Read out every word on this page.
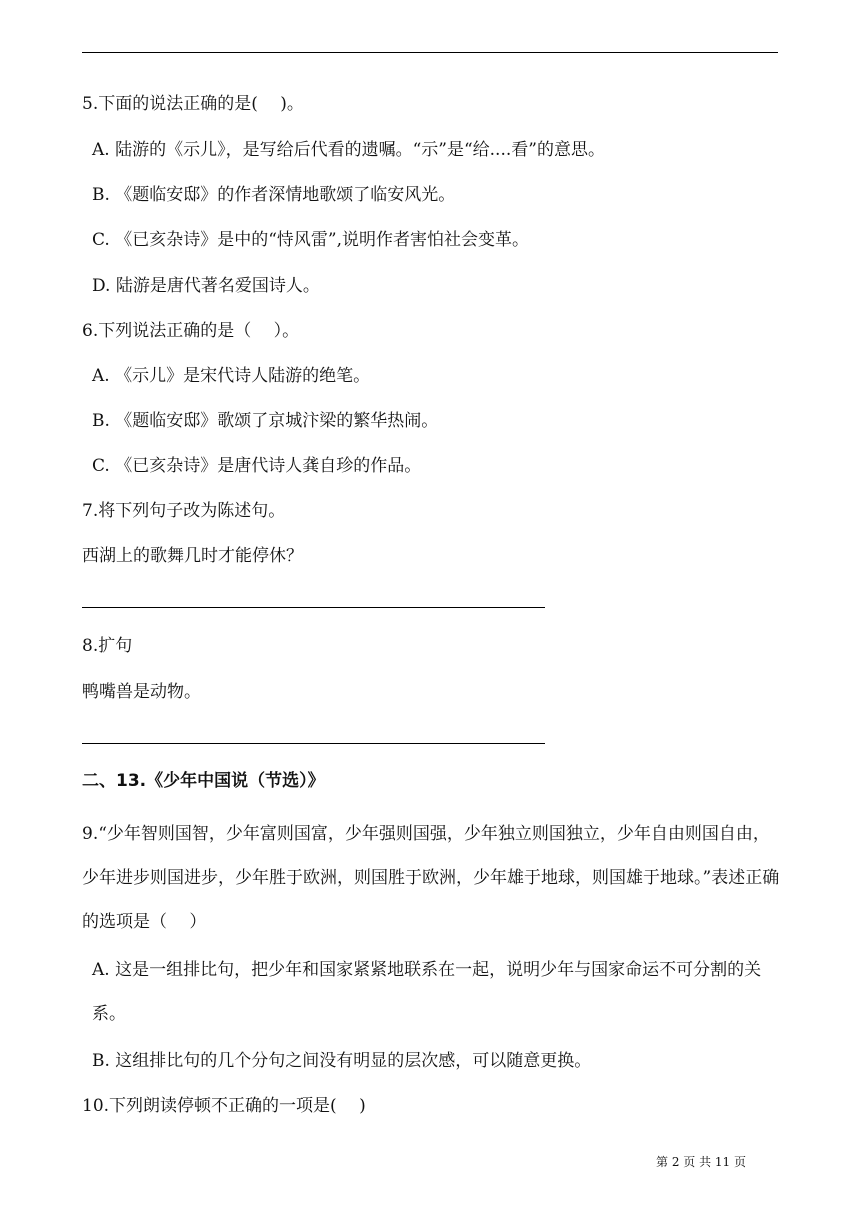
5.下面的说法正确的是(　 )。
A. 陆游的《示儿》，是写给后代看的遗嘱。“示”是“给....看”的意思。
B. 《题临安邸》的作者深情地歌颂了临安风光。
C. 《已亥杂诗》是中的“恃风雷”,说明作者害怕社会变革。
D. 陆游是唐代著名爱国诗人。
6.下列说法正确的是（　 ）。
A. 《示儿》是宋代诗人陆游的绝笔。
B. 《题临安邸》歌颂了京城汴梁的繁华热闹。
C. 《已亥杂诗》是唐代诗人龚自珍的作品。
7.将下列句子改为陈述句。
西湖上的歌舞几时才能停休？
8.扩句
鸭嘴兽是动物。
二、13.《少年中国说（节选）》
9.“少年智则国智，少年富则国富，少年强则国强，少年独立则国独立，少年自由则国自由，少年进步则国进步，少年胜于欧洲，则国胜于欧洲，少年雄于地球，则国雄于地球。”表述正确的选项是（　 ）
A. 这是一组排比句，把少年和国家紧紧地联系在一起，说明少年与国家命运不可分割的关系。
B. 这组排比句的几个分句之间没有明显的层次感，可以随意更换。
10.下列朗读停顿不正确的一项是(　 )
第 2 页 共 11 页
